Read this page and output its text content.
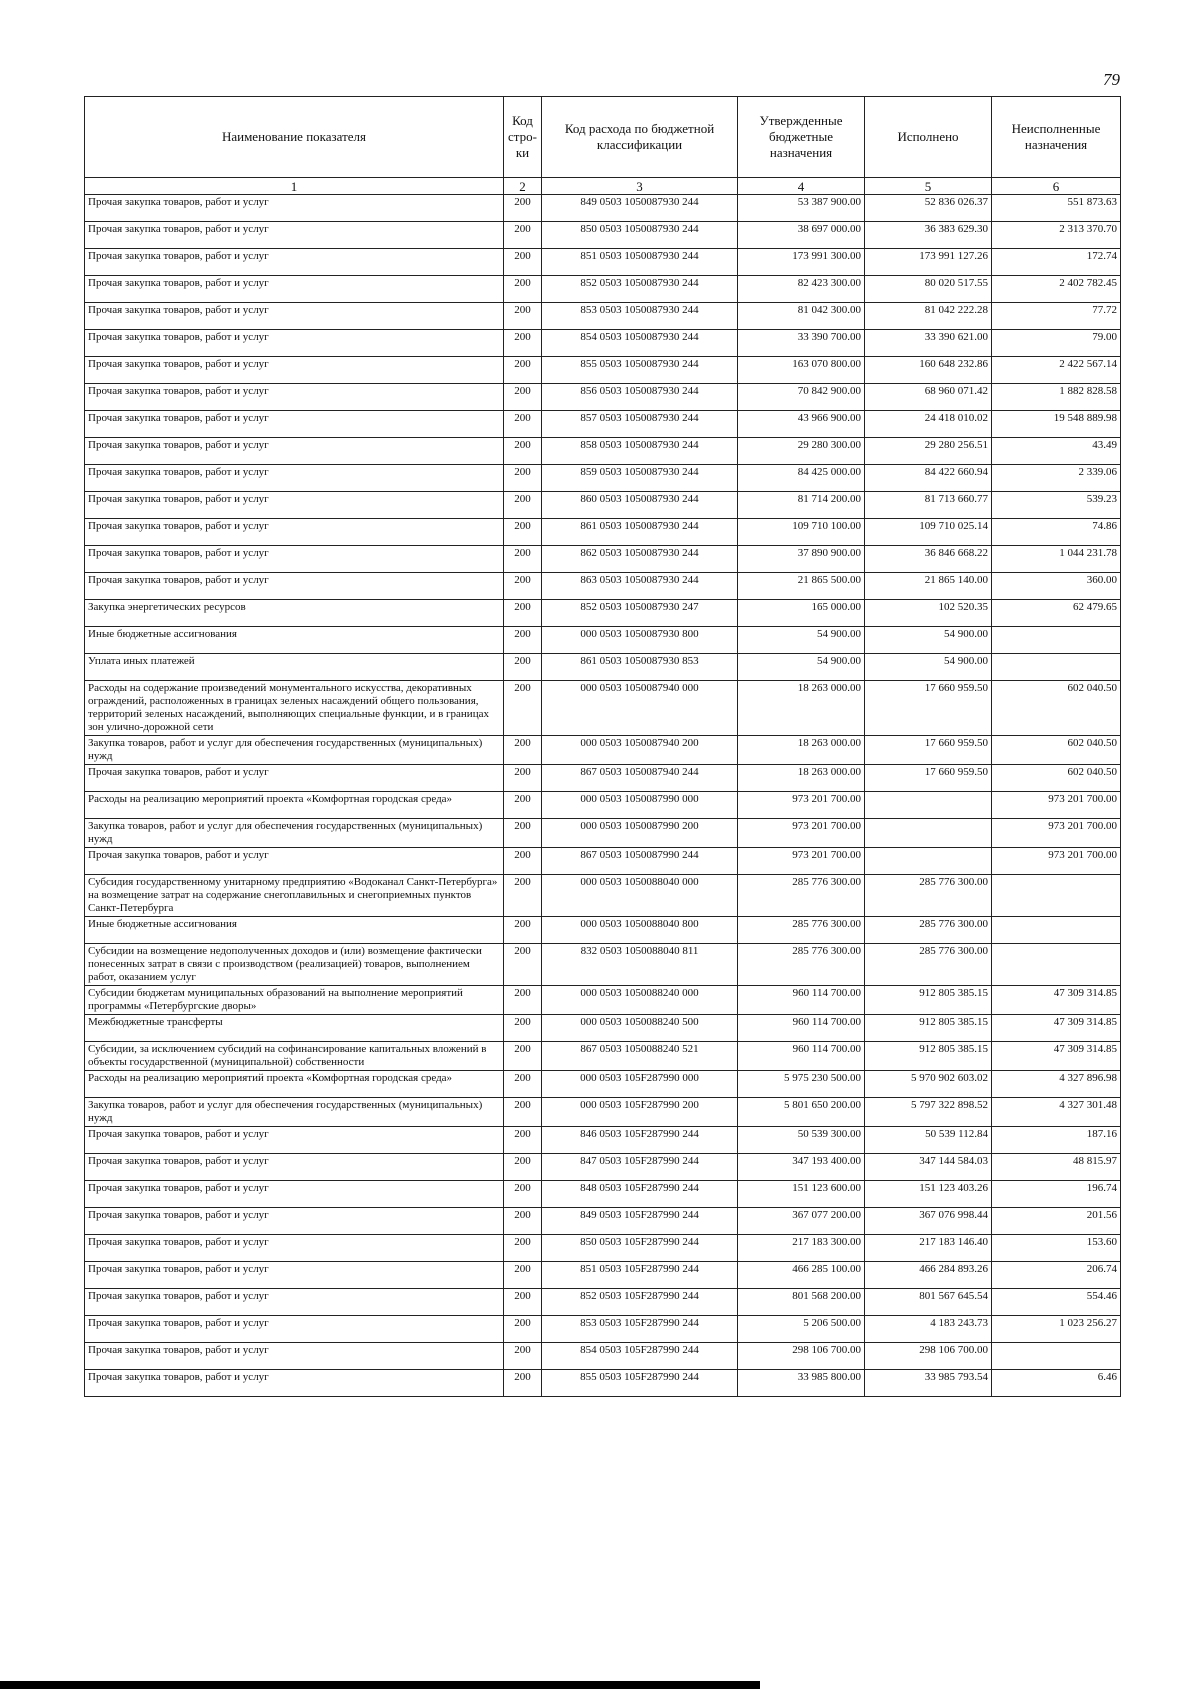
79
Наименование показателя	Код стро-ки	Код расхода по бюджетной классификации	Утвержденные бюджетные назначения	Исполнено	Неисполненные назначения
1	2	3	4	5	6
Прочая закупка товаров, работ и услуг	200	849 0503 1050087930 244	53 387 900.00	52 836 026.37	551 873.63
Прочая закупка товаров, работ и услуг	200	850 0503 1050087930 244	38 697 000.00	36 383 629.30	2 313 370.70
Прочая закупка товаров, работ и услуг	200	851 0503 1050087930 244	173 991 300.00	173 991 127.26	172.74
Прочая закупка товаров, работ и услуг	200	852 0503 1050087930 244	82 423 300.00	80 020 517.55	2 402 782.45
Прочая закупка товаров, работ и услуг	200	853 0503 1050087930 244	81 042 300.00	81 042 222.28	77.72
Прочая закупка товаров, работ и услуг	200	854 0503 1050087930 244	33 390 700.00	33 390 621.00	79.00
Прочая закупка товаров, работ и услуг	200	855 0503 1050087930 244	163 070 800.00	160 648 232.86	2 422 567.14
Прочая закупка товаров, работ и услуг	200	856 0503 1050087930 244	70 842 900.00	68 960 071.42	1 882 828.58
Прочая закупка товаров, работ и услуг	200	857 0503 1050087930 244	43 966 900.00	24 418 010.02	19 548 889.98
Прочая закупка товаров, работ и услуг	200	858 0503 1050087930 244	29 280 300.00	29 280 256.51	43.49
Прочая закупка товаров, работ и услуг	200	859 0503 1050087930 244	84 425 000.00	84 422 660.94	2 339.06
Прочая закупка товаров, работ и услуг	200	860 0503 1050087930 244	81 714 200.00	81 713 660.77	539.23
Прочая закупка товаров, работ и услуг	200	861 0503 1050087930 244	109 710 100.00	109 710 025.14	74.86
Прочая закупка товаров, работ и услуг	200	862 0503 1050087930 244	37 890 900.00	36 846 668.22	1 044 231.78
Прочая закупка товаров, работ и услуг	200	863 0503 1050087930 244	21 865 500.00	21 865 140.00	360.00
Закупка энергетических ресурсов	200	852 0503 1050087930 247	165 000.00	102 520.35	62 479.65
Иные бюджетные ассигнования	200	000 0503 1050087930 800	54 900.00	54 900.00	
Уплата иных платежей	200	861 0503 1050087930 853	54 900.00	54 900.00	
Расходы на содержание произведений монументального искусства, декоративных ограждений, расположенных в границах зеленых насаждений общего пользования, территорий зеленых насаждений, выполняющих специальные функции, и в границах зон улично-дорожной сети	200	000 0503 1050087940 000	18 263 000.00	17 660 959.50	602 040.50
Закупка товаров, работ и услуг для обеспечения государственных (муниципальных) нужд	200	000 0503 1050087940 200	18 263 000.00	17 660 959.50	602 040.50
Прочая закупка товаров, работ и услуг	200	867 0503 1050087940 244	18 263 000.00	17 660 959.50	602 040.50
Расходы на реализацию мероприятий проекта «Комфортная городская среда»	200	000 0503 1050087990 000	973 201 700.00		973 201 700.00
Закупка товаров, работ и услуг для обеспечения государственных (муниципальных) нужд	200	000 0503 1050087990 200	973 201 700.00		973 201 700.00
Прочая закупка товаров, работ и услуг	200	867 0503 1050087990 244	973 201 700.00		973 201 700.00
Субсидия государственному унитарному предприятию «Водоканал Санкт-Петербурга» на возмещение затрат на содержание снегоплавильных и снегоприемных пунктов Санкт-Петербурга	200	000 0503 1050088040 000	285 776 300.00	285 776 300.00	
Иные бюджетные ассигнования	200	000 0503 1050088040 800	285 776 300.00	285 776 300.00	
Субсидии на возмещение недополученных доходов и (или) возмещение фактически понесенных затрат в связи с производством (реализацией) товаров, выполнением работ, оказанием услуг	200	832 0503 1050088040 811	285 776 300.00	285 776 300.00	
Субсидии бюджетам муниципальных образований на выполнение мероприятий программы «Петербургские дворы»	200	000 0503 1050088240 000	960 114 700.00	912 805 385.15	47 309 314.85
Межбюджетные трансферты	200	000 0503 1050088240 500	960 114 700.00	912 805 385.15	47 309 314.85
Субсидии, за исключением субсидий на софинансирование капитальных вложений в объекты государственной (муниципальной) собственности	200	867 0503 1050088240 521	960 114 700.00	912 805 385.15	47 309 314.85
Расходы на реализацию мероприятий проекта «Комфортная городская среда»	200	000 0503 105F287990 000	5 975 230 500.00	5 970 902 603.02	4 327 896.98
Закупка товаров, работ и услуг для обеспечения государственных (муниципальных) нужд	200	000 0503 105F287990 200	5 801 650 200.00	5 797 322 898.52	4 327 301.48
Прочая закупка товаров, работ и услуг	200	846 0503 105F287990 244	50 539 300.00	50 539 112.84	187.16
Прочая закупка товаров, работ и услуг	200	847 0503 105F287990 244	347 193 400.00	347 144 584.03	48 815.97
Прочая закупка товаров, работ и услуг	200	848 0503 105F287990 244	151 123 600.00	151 123 403.26	196.74
Прочая закупка товаров, работ и услуг	200	849 0503 105F287990 244	367 077 200.00	367 076 998.44	201.56
Прочая закупка товаров, работ и услуг	200	850 0503 105F287990 244	217 183 300.00	217 183 146.40	153.60
Прочая закупка товаров, работ и услуг	200	851 0503 105F287990 244	466 285 100.00	466 284 893.26	206.74
Прочая закупка товаров, работ и услуг	200	852 0503 105F287990 244	801 568 200.00	801 567 645.54	554.46
Прочая закупка товаров, работ и услуг	200	853 0503 105F287990 244	5 206 500.00	4 183 243.73	1 023 256.27
Прочая закупка товаров, работ и услуг	200	854 0503 105F287990 244	298 106 700.00	298 106 700.00	
Прочая закупка товаров, работ и услуг	200	855 0503 105F287990 244	33 985 800.00	33 985 793.54	6.46
